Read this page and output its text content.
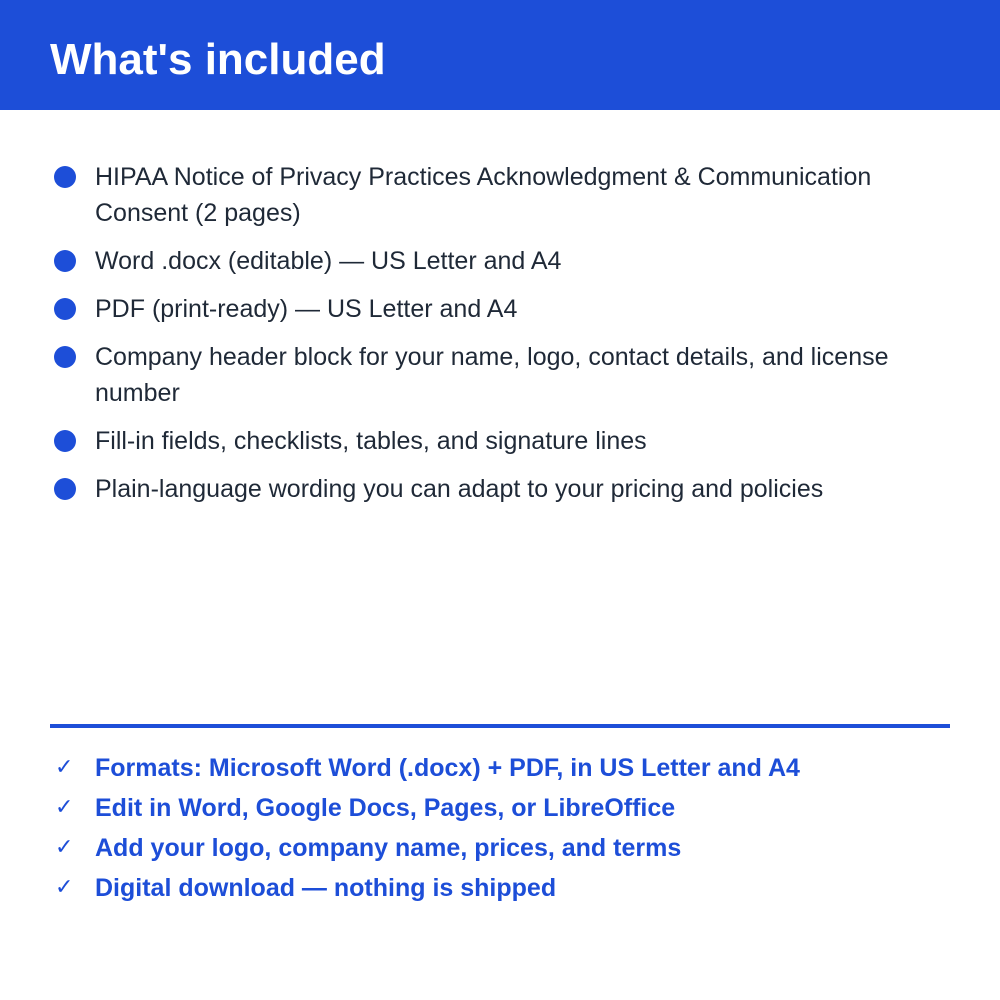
What's included
HIPAA Notice of Privacy Practices Acknowledgment & Communication Consent (2 pages)
Word .docx (editable) — US Letter and A4
PDF (print-ready) — US Letter and A4
Company header block for your name, logo, contact details, and license number
Fill-in fields, checklists, tables, and signature lines
Plain-language wording you can adapt to your pricing and policies
✓ Formats: Microsoft Word (.docx) + PDF, in US Letter and A4
✓ Edit in Word, Google Docs, Pages, or LibreOffice
✓ Add your logo, company name, prices, and terms
✓ Digital download — nothing is shipped
